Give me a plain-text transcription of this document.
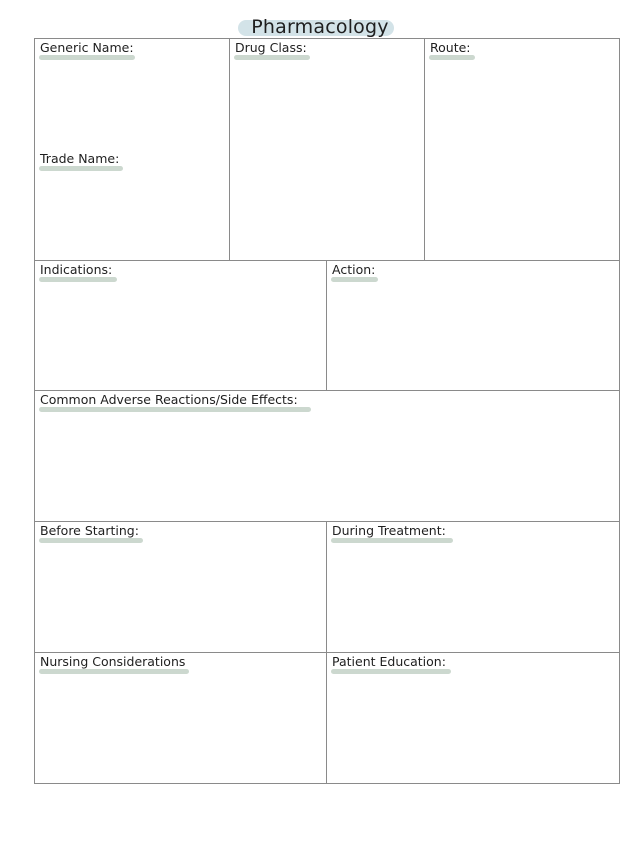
Pharmacology
Generic Name:
Trade Name:
Drug Class:	Route:
Indications:	Action:
Common Adverse Reactions/Side Effects:
Before Starting:	During Treatment:
Nursing Considerations	Patient Education:
